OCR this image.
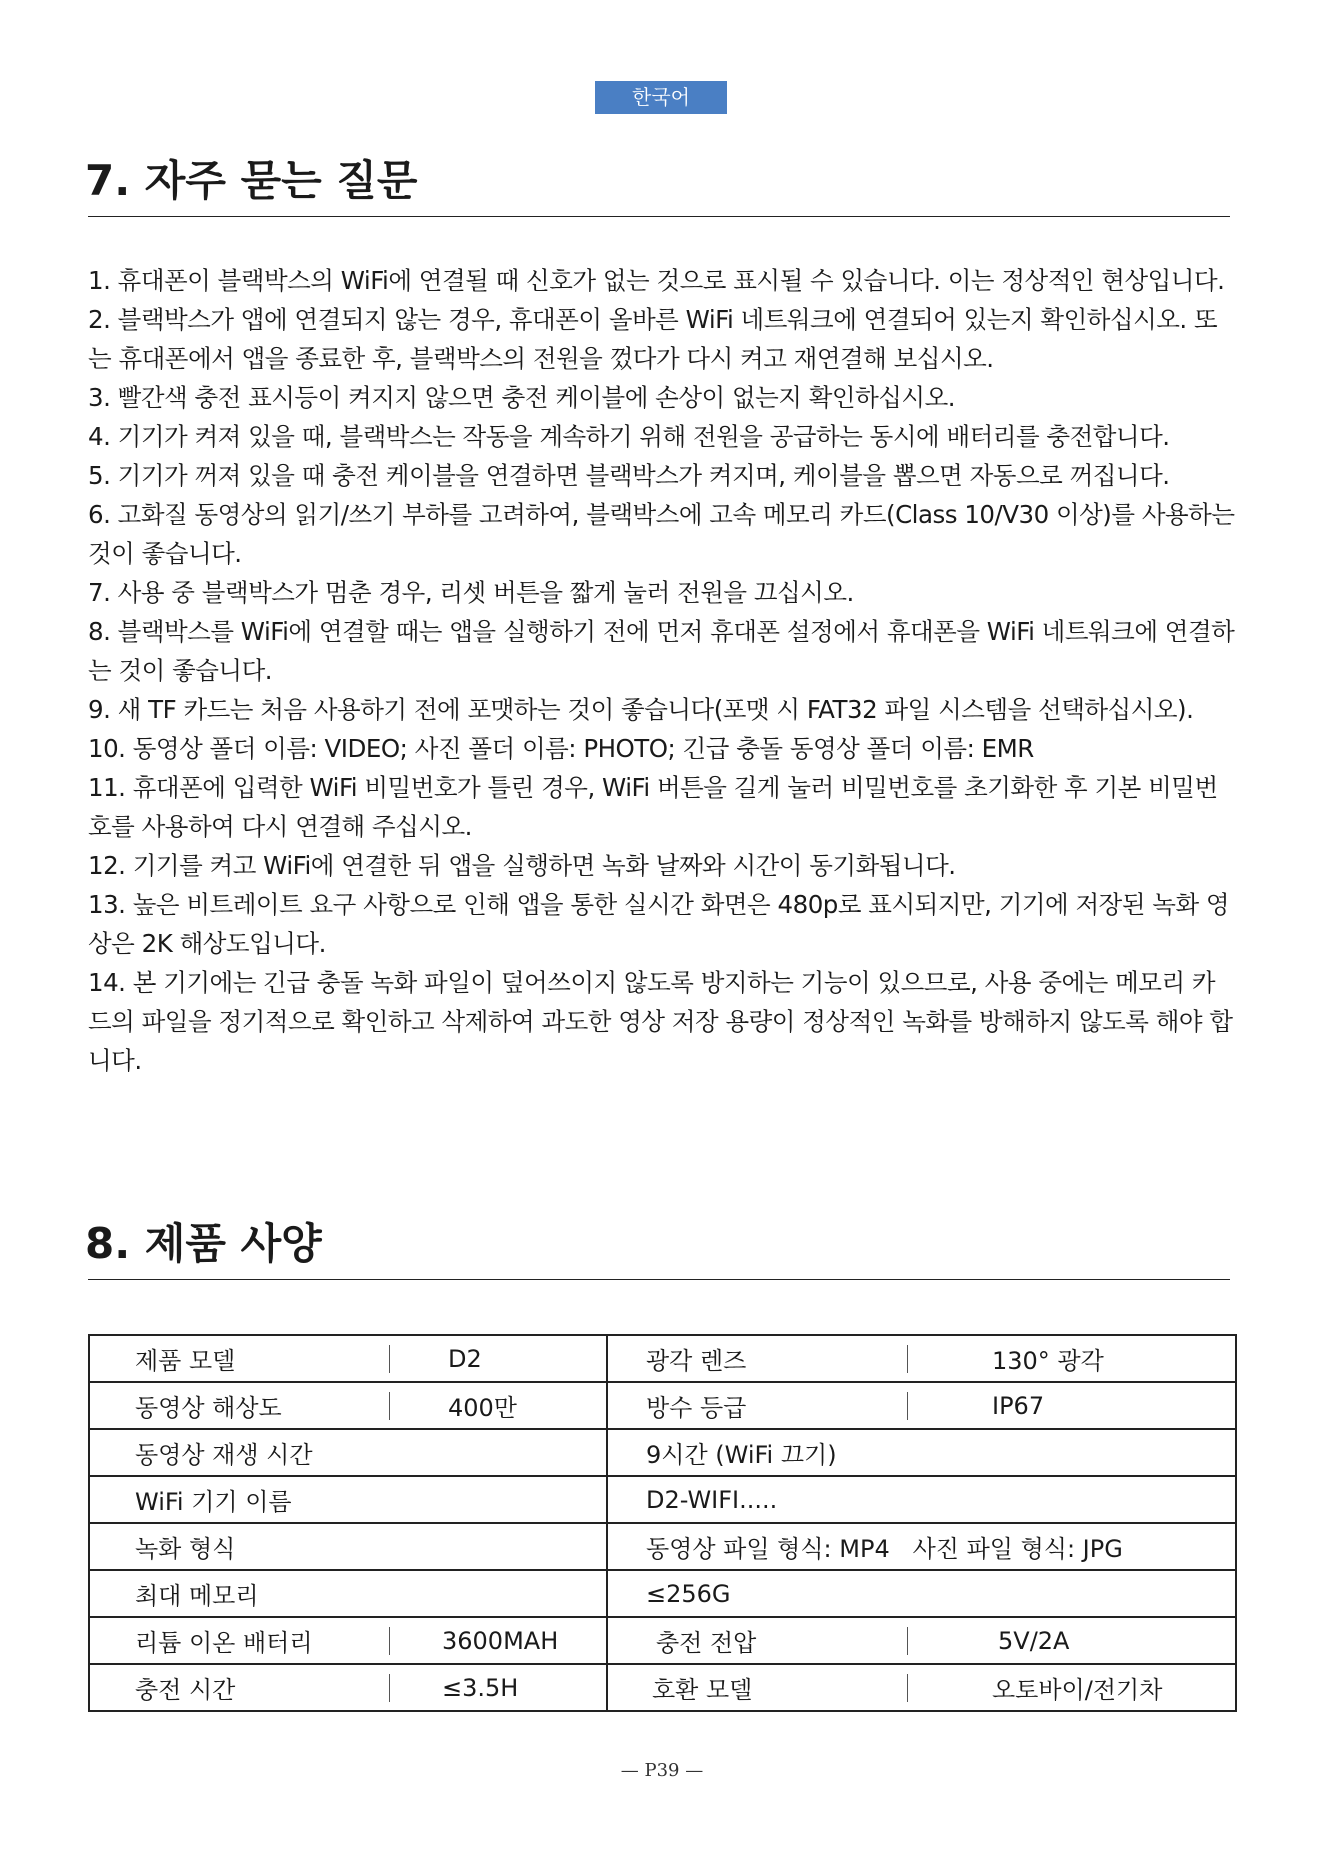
한국어
7. 자주 묻는 질문
1. 휴대폰이 블랙박스의 WiFi에 연결될 때 신호가 없는 것으로 표시될 수 있습니다. 이는 정상적인 현상입니다.
2. 블랙박스가 앱에 연결되지 않는 경우, 휴대폰이 올바른 WiFi 네트워크에 연결되어 있는지 확인하십시오. 또는 휴대폰에서 앱을 종료한 후, 블랙박스의 전원을 껐다가 다시 켜고 재연결해 보십시오.
3. 빨간색 충전 표시등이 켜지지 않으면 충전 케이블에 손상이 없는지 확인하십시오.
4. 기기가 켜져 있을 때, 블랙박스는 작동을 계속하기 위해 전원을 공급하는 동시에 배터리를 충전합니다.
5. 기기가 꺼져 있을 때 충전 케이블을 연결하면 블랙박스가 켜지며, 케이블을 뽑으면 자동으로 꺼집니다.
6. 고화질 동영상의 읽기/쓰기 부하를 고려하여, 블랙박스에 고속 메모리 카드(Class 10/V30 이상)를 사용하는 것이 좋습니다.
7. 사용 중 블랙박스가 멈춘 경우, 리셋 버튼을 짧게 눌러 전원을 끄십시오.
8. 블랙박스를 WiFi에 연결할 때는 앱을 실행하기 전에 먼저 휴대폰 설정에서 휴대폰을 WiFi 네트워크에 연결하는 것이 좋습니다.
9. 새 TF 카드는 처음 사용하기 전에 포맷하는 것이 좋습니다(포맷 시 FAT32 파일 시스템을 선택하십시오).
10. 동영상 폴더 이름: VIDEO; 사진 폴더 이름: PHOTO; 긴급 충돌 동영상 폴더 이름: EMR
11. 휴대폰에 입력한 WiFi 비밀번호가 틀린 경우, WiFi 버튼을 길게 눌러 비밀번호를 초기화한 후 기본 비밀번호를 사용하여 다시 연결해 주십시오.
12. 기기를 켜고 WiFi에 연결한 뒤 앱을 실행하면 녹화 날짜와 시간이 동기화됩니다.
13. 높은 비트레이트 요구 사항으로 인해 앱을 통한 실시간 화면은 480p로 표시되지만, 기기에 저장된 녹화 영상은 2K 해상도입니다.
14. 본 기기에는 긴급 충돌 녹화 파일이 덮어쓰이지 않도록 방지하는 기능이 있으므로, 사용 중에는 메모리 카드의 파일을 정기적으로 확인하고 삭제하여 과도한 영상 저장 용량이 정상적인 녹화를 방해하지 않도록 해야 합니다.
8. 제품 사양
제품 모델	D2	광각 렌즈	130° 광각

동영상 해상도	400만	방수 등급	IP67

동영상 재생 시간		9시간 (WiFi 끄기)	

WiFi 기기 이름		D2-WIFI.....	

녹화 형식		동영상 파일 형식: MP4   사진 파일 형식: JPG	

최대 메모리		≤256G	

리튬 이온 배터리	3600MAH	충전 전압	5V/2A

충전 시간	≤3.5H	호환 모델	오토바이/전기차
— P39 —
